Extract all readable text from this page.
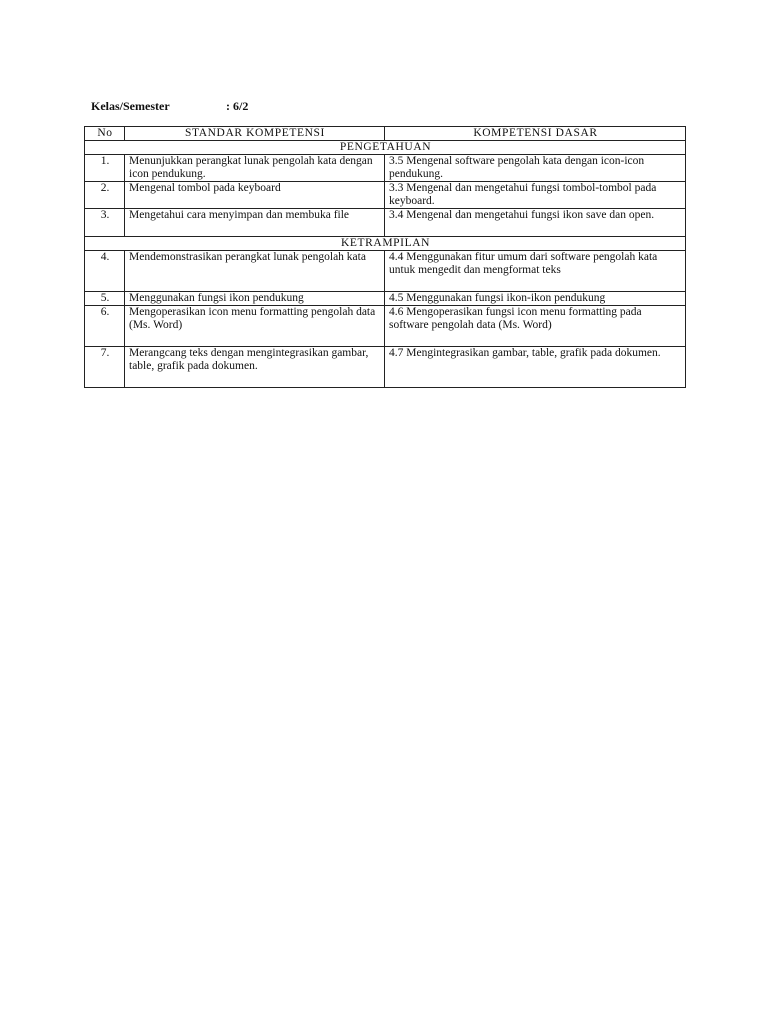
Kelas/Semester	: 6/2
No	STANDAR KOMPETENSI	KOMPETENSI DASAR
PENGETAHUAN		
1.	Menunjukkan perangkat lunak pengolah kata dengan icon pendukung.	3.5 Mengenal software pengolah kata dengan icon-icon pendukung.
2.	Mengenal tombol pada keyboard	3.3 Mengenal dan mengetahui fungsi tombol-tombol pada keyboard.
3.	Mengetahui cara menyimpan dan membuka file	3.4 Mengenal dan mengetahui fungsi ikon save dan open.
KETRAMPILAN		
4.	Mendemonstrasikan perangkat lunak pengolah kata	4.4 Menggunakan fitur umum dari software pengolah kata untuk mengedit dan mengformat teks
5.	Menggunakan fungsi ikon pendukung	4.5 Menggunakan fungsi ikon-ikon pendukung
6.	Mengoperasikan icon menu formatting pengolah data (Ms. Word)	4.6 Mengoperasikan fungsi icon menu formatting pada software pengolah data (Ms. Word)
7.	Merangcang teks dengan mengintegrasikan gambar, table, grafik pada dokumen.	4.7 Mengintegrasikan gambar, table, grafik pada dokumen.
